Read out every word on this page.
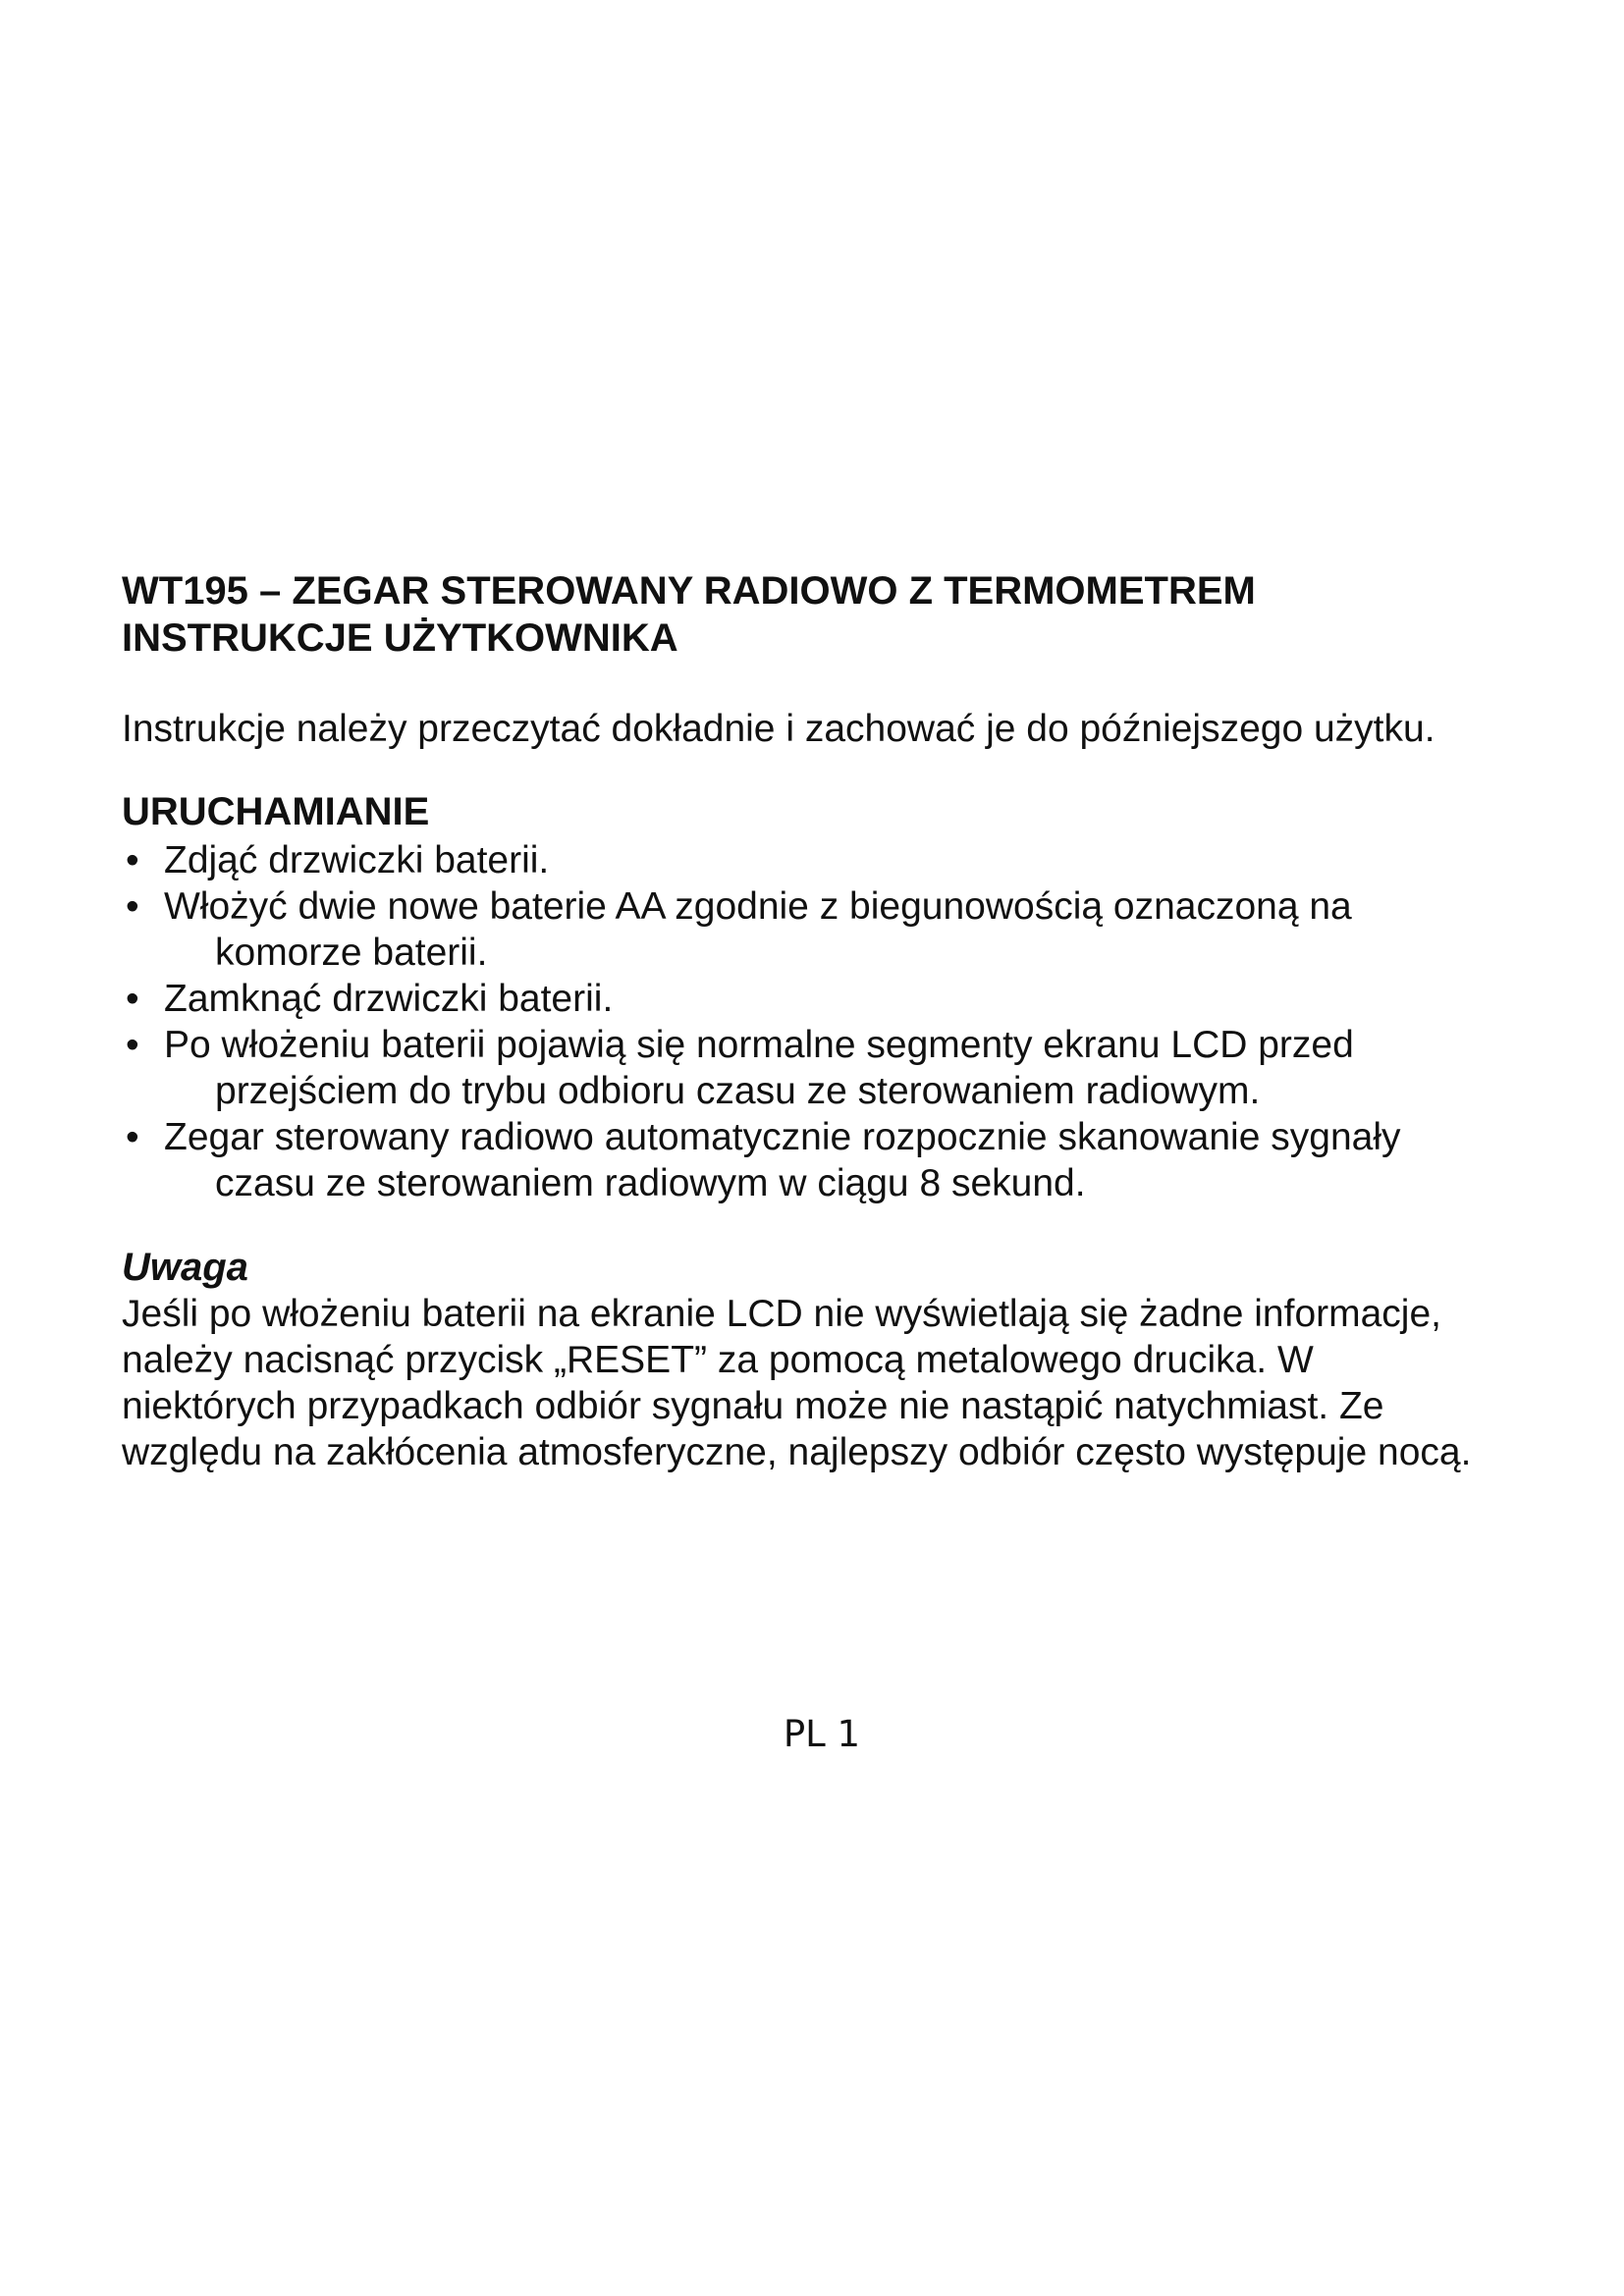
WT195 – ZEGAR STEROWANY RADIOWO Z TERMOMETREM
INSTRUKCJE UŻYTKOWNIKA

Instrukcje należy przeczytać dokładnie i zachować je do późniejszego użytku.

URUCHAMIANIE
• Zdjąć drzwiczki baterii.
• Włożyć dwie nowe baterie AA zgodnie z biegunowością oznaczoną na komorze baterii.
• Zamknąć drzwiczki baterii.
• Po włożeniu baterii pojawią się normalne segmenty ekranu LCD przed przejściem do trybu odbioru czasu ze sterowaniem radiowym.
• Zegar sterowany radiowo automatycznie rozpocznie skanowanie sygnały czasu ze sterowaniem radiowym w ciągu 8 sekund.
Uwaga

Jeśli po włożeniu baterii na ekranie LCD nie wyświetlają się żadne informacje, należy nacisnąć przycisk „RESET” za pomocą metalowego drucika. W niektórych przypadkach odbiór sygnału może nie nastąpić natychmiast. Ze względu na zakłócenia atmosferyczne, najlepszy odbiór często występuje nocą.

PL 1
